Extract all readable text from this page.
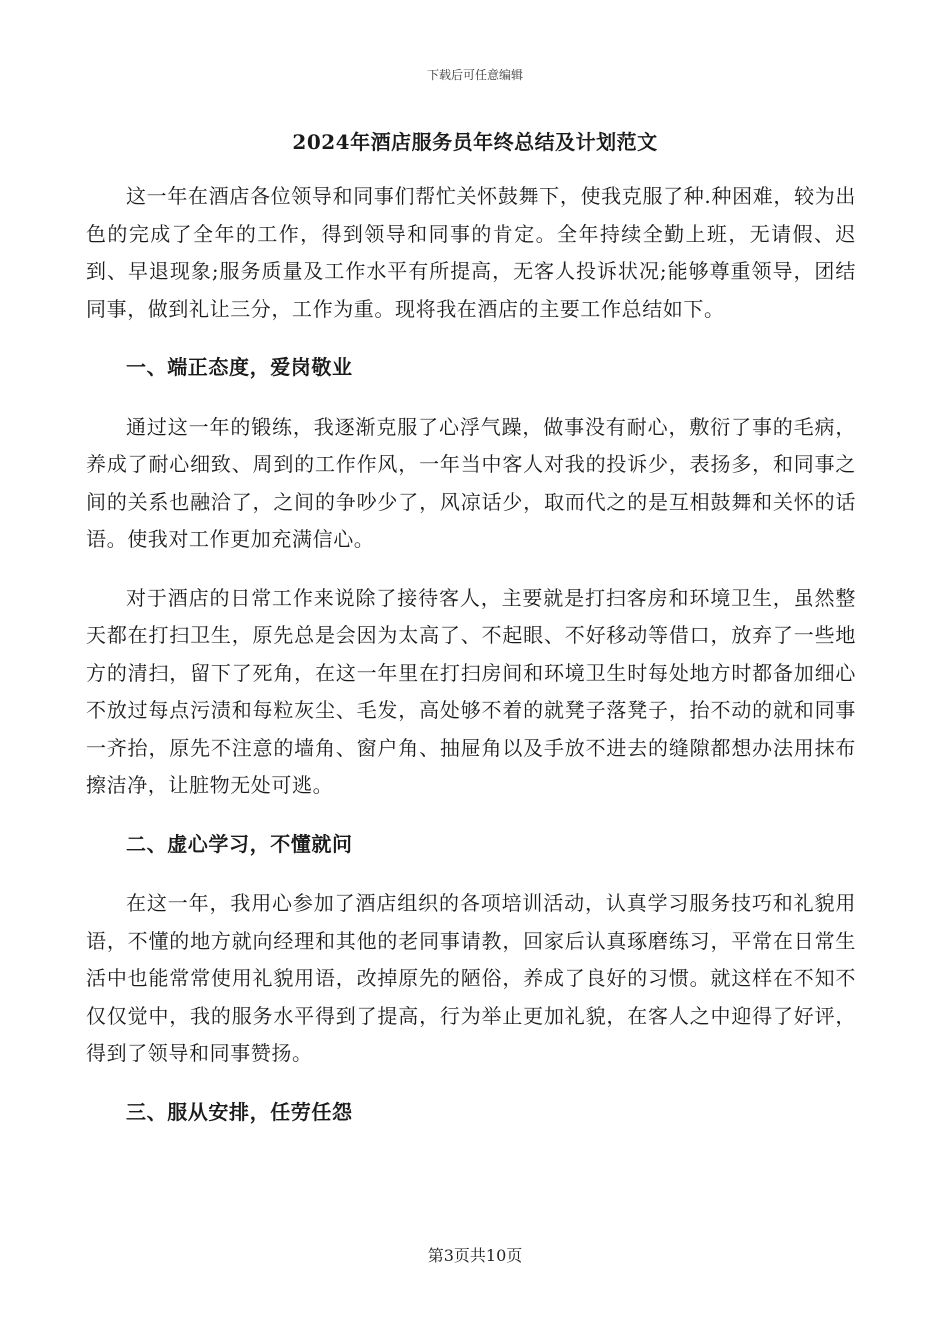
下载后可任意编辑
2024年酒店服务员年终总结及计划范文

这一年在酒店各位领导和同事们帮忙关怀鼓舞下，使我克服了种.种困难，较为出色的完成了全年的工作，得到领导和同事的肯定。全年持续全勤上班，无请假、迟到、早退现象;服务质量及工作水平有所提高，无客人投诉状况;能够尊重领导，团结同事，做到礼让三分，工作为重。现将我在酒店的主要工作总结如下。

一、端正态度，爱岗敬业

通过这一年的锻练，我逐渐克服了心浮气躁，做事没有耐心，敷衍了事的毛病，养成了耐心细致、周到的工作作风，一年当中客人对我的投诉少，表扬多，和同事之间的关系也融洽了，之间的争吵少了，风凉话少，取而代之的是互相鼓舞和关怀的话语。使我对工作更加充满信心。

对于酒店的日常工作来说除了接待客人，主要就是打扫客房和环境卫生，虽然整天都在打扫卫生，原先总是会因为太高了、不起眼、不好移动等借口，放弃了一些地方的清扫，留下了死角，在这一年里在打扫房间和环境卫生时每处地方时都备加细心不放过每点污渍和每粒灰尘、毛发，高处够不着的就凳子落凳子，抬不动的就和同事一齐抬，原先不注意的墙角、窗户角、抽屉角以及手放不进去的缝隙都想办法用抹布擦洁净，让脏物无处可逃。

二、虚心学习，不懂就问

在这一年，我用心参加了酒店组织的各项培训活动，认真学习服务技巧和礼貌用语，不懂的地方就向经理和其他的老同事请教，回家后认真琢磨练习，平常在日常生活中也能常常使用礼貌用语，改掉原先的陋俗，养成了良好的习惯。就这样在不知不仅仅觉中，我的服务水平得到了提高，行为举止更加礼貌，在客人之中迎得了好评，得到了领导和同事赞扬。

三、服从安排，任劳任怨
第3页共10页
